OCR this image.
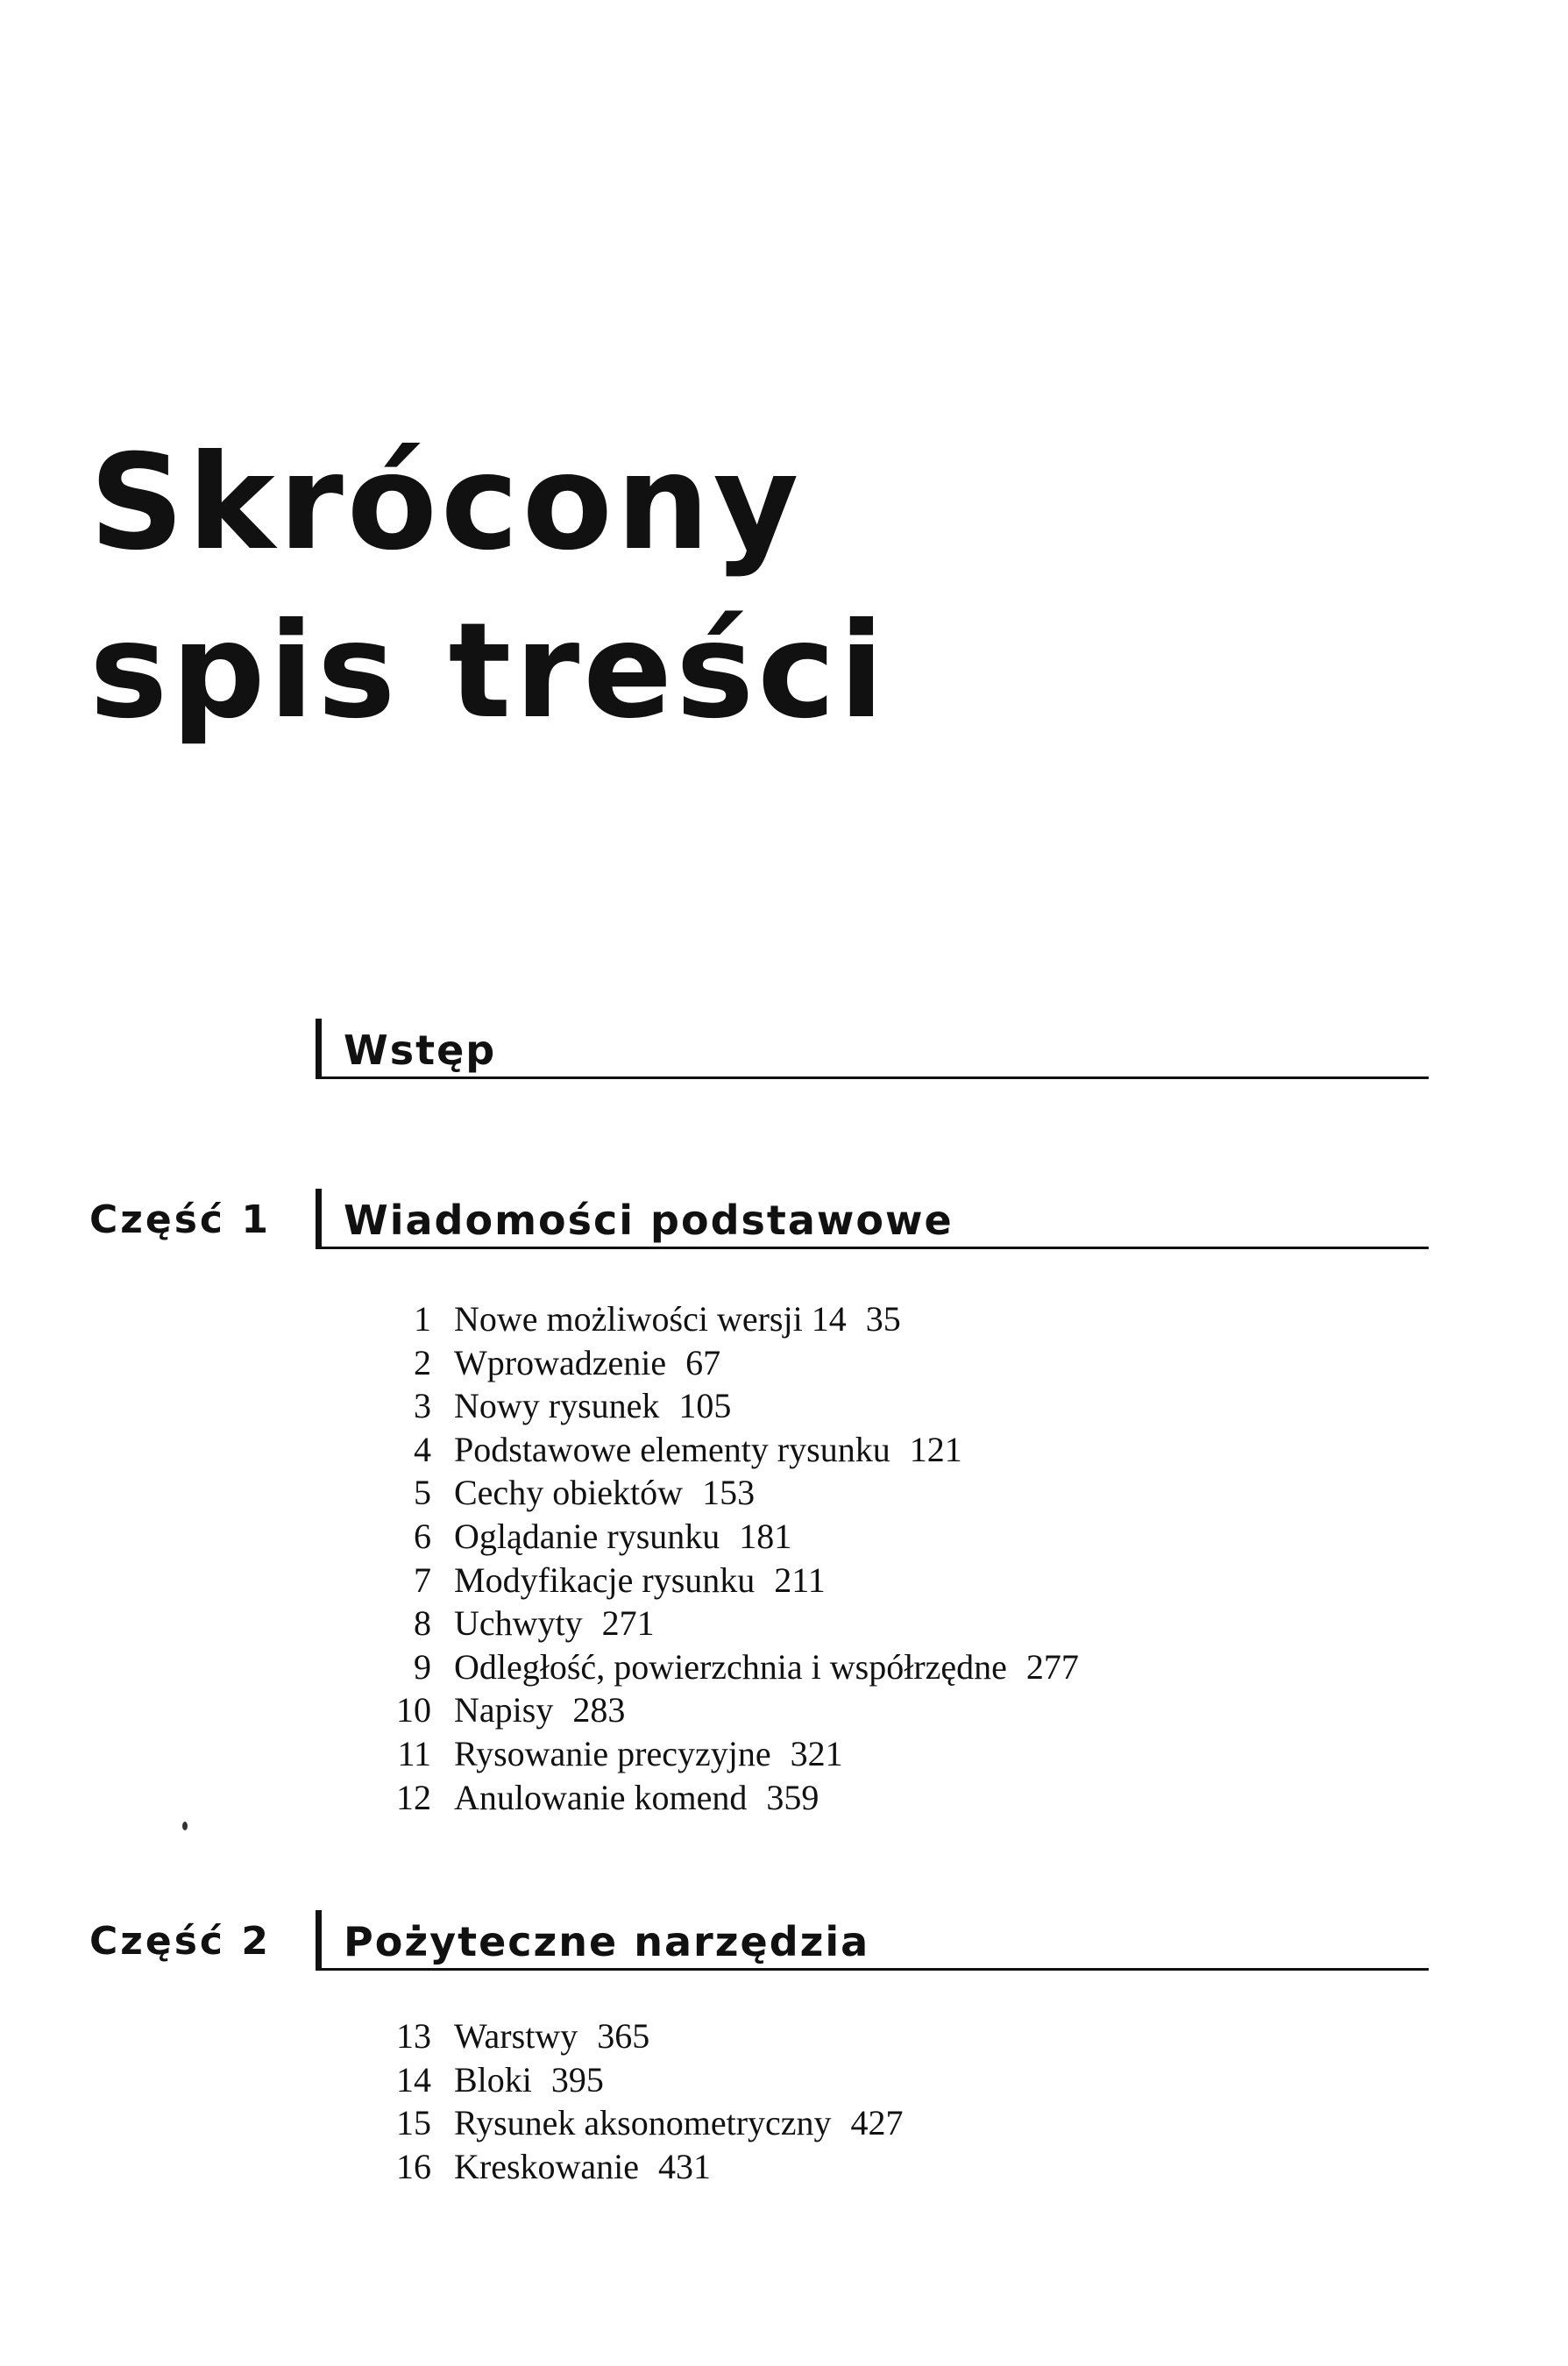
Skrócony
spis treści
Wstęp
Część 1 Wiadomości podstawowe
1 Nowe możliwości wersji 14 35
2 Wprowadzenie 67
3 Nowy rysunek 105
4 Podstawowe elementy rysunku 121
5 Cechy obiektów 153
6 Oglądanie rysunku 181
7 Modyfikacje rysunku 211
8 Uchwyty 271
9 Odległość, powierzchnia i współrzędne 277
10 Napisy 283
11 Rysowanie precyzyjne 321
12 Anulowanie komend 359
Część 2 Pożyteczne narzędzia
13 Warstwy 365
14 Bloki 395
15 Rysunek aksonometryczny 427
16 Kreskowanie 431
